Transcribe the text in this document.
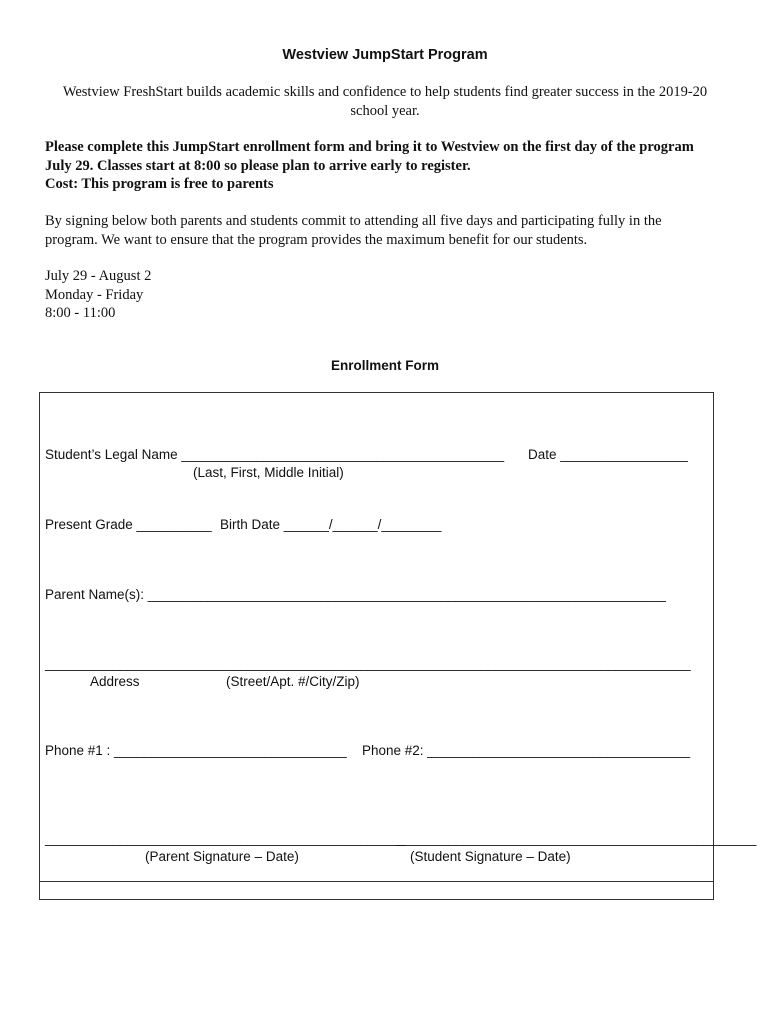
Westview JumpStart Program
Westview FreshStart builds academic skills and confidence to help students find greater success in the 2019-20 school year.
Please complete this JumpStart enrollment form and bring it to Westview on the first day of the program
July 29. Classes start at 8:00 so please plan to arrive early to register.
Cost: This program is free to parents
By signing below both parents and students commit to attending all five days and participating fully in the
program. We want to ensure that the program provides the maximum benefit for our students.
July 29 - August 2
Monday - Friday
8:00 - 11:00
Enrollment Form
Student’s Legal Name ___________________________________________ Date _________________
(Last, First, Middle Initial)
Present Grade __________ Birth Date ______/______/________
Parent Name(s): _____________________________________________________________________
______________________________________________________________________________________
Address	(Street/Apt. #/City/Zip)
Phone #1 : _______________________________ Phone #2: ___________________________________
________________________________________________
________________________________________________
(Parent Signature – Date)	(Student Signature – Date)
